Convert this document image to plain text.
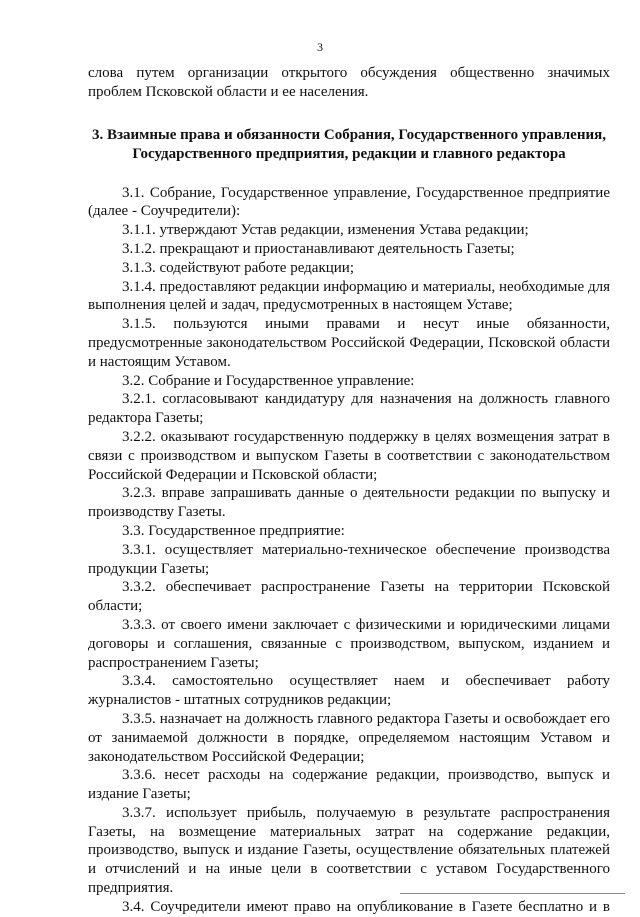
3

слова путем организации открытого обсуждения общественно значимых проблем Псковской области и ее населения.

3. Взаимные права и обязанности Собрания, Государственного управления,
Государственного предприятия, редакции и главного редактора

3.1. Собрание, Государственное управление, Государственное предприятие (далее - Соучредители):

3.1.1. утверждают Устав редакции, изменения Устава редакции;

3.1.2. прекращают и приостанавливают деятельность Газеты;

3.1.3. содействуют работе редакции;

3.1.4. предоставляют редакции информацию и материалы, необходимые для выполнения целей и задач, предусмотренных в настоящем Уставе;

3.1.5. пользуются иными правами и несут иные обязанности, предусмотренные законодательством Российской Федерации, Псковской области и настоящим Уставом.

3.2. Собрание и Государственное управление:

3.2.1. согласовывают кандидатуру для назначения на должность главного редактора Газеты;

3.2.2. оказывают государственную поддержку в целях возмещения затрат в связи с производством и выпуском Газеты в соответствии с законодательством Российской Федерации и Псковской области;

3.2.3. вправе запрашивать данные о деятельности редакции по выпуску и производству Газеты.

3.3. Государственное предприятие:

3.3.1. осуществляет материально-техническое обеспечение производства продукции Газеты;

3.3.2. обеспечивает распространение Газеты на территории Псковской области;

3.3.3. от своего имени заключает с физическими и юридическими лицами договоры и соглашения, связанные с производством, выпуском, изданием и распространением Газеты;

3.3.4. самостоятельно осуществляет наем и обеспечивает работу журналистов - штатных сотрудников редакции;

3.3.5. назначает на должность главного редактора Газеты и освобождает его от занимаемой должности в порядке, определяемом настоящим Уставом и законодательством Российской Федерации;

3.3.6. несет расходы на содержание редакции, производство, выпуск и издание Газеты;

3.3.7. использует прибыль, получаемую в результате распространения Газеты, на возмещение материальных затрат на содержание редакции, производство, выпуск и издание Газеты, осуществление обязательных платежей и отчислений и на иные цели в соответствии с уставом Государственного предприятия.

3.4. Соучредители имеют право на опубликование в Газете бесплатно и в
